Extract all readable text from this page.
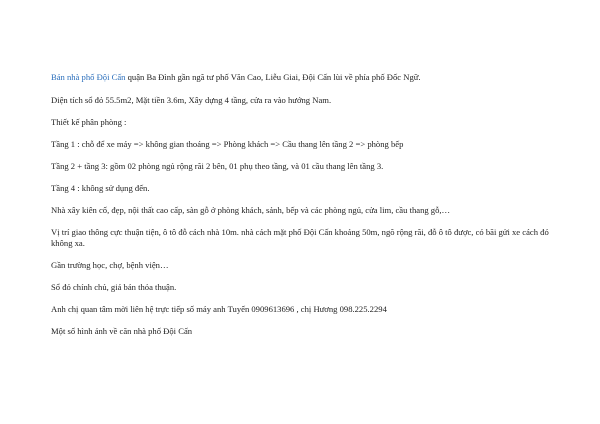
Bán nhà phố Đội Cấn quận Ba Đình gần ngã tư phố Văn Cao, Liễu Giai, Đội Cấn lùi về phía phố Đốc Ngữ.

Diện tích sổ đỏ 55.5m2, Mặt tiền 3.6m, Xây dựng 4 tầng, cửa ra vào hướng Nam.

Thiết kế phân phòng :

Tầng 1 : chỗ để xe máy => không gian thoáng => Phòng khách => Cầu thang lên tầng 2 => phòng bếp

Tầng 2 + tầng 3: gồm 02 phòng ngủ rộng rãi 2 bên, 01 phụ theo tầng, và 01 cầu thang lên tầng 3.

Tầng 4 : không sử dụng đến.

Nhà xây kiên cố, đẹp, nội thất cao cấp, sàn gỗ ở phòng khách, sảnh, bếp và các phòng ngủ, cửa lim, cầu thang gỗ,…

Vị trí giao thông cực thuận tiện, ô tô đỗ cách nhà 10m. nhà cách mặt phố Đội Cấn khoảng 50m, ngõ rộng rãi, đỗ ô tô được, có bãi gửi xe cách đó không xa.

Gần trường học, chợ, bệnh viện…

Sổ đỏ chính chủ, giá bán thỏa thuận.

Anh chị quan tâm mời liên hệ trực tiếp số máy anh Tuyến 0909613696 , chị Hương 098.225.2294

Một số hình ảnh về căn nhà phố Đội Cấn
